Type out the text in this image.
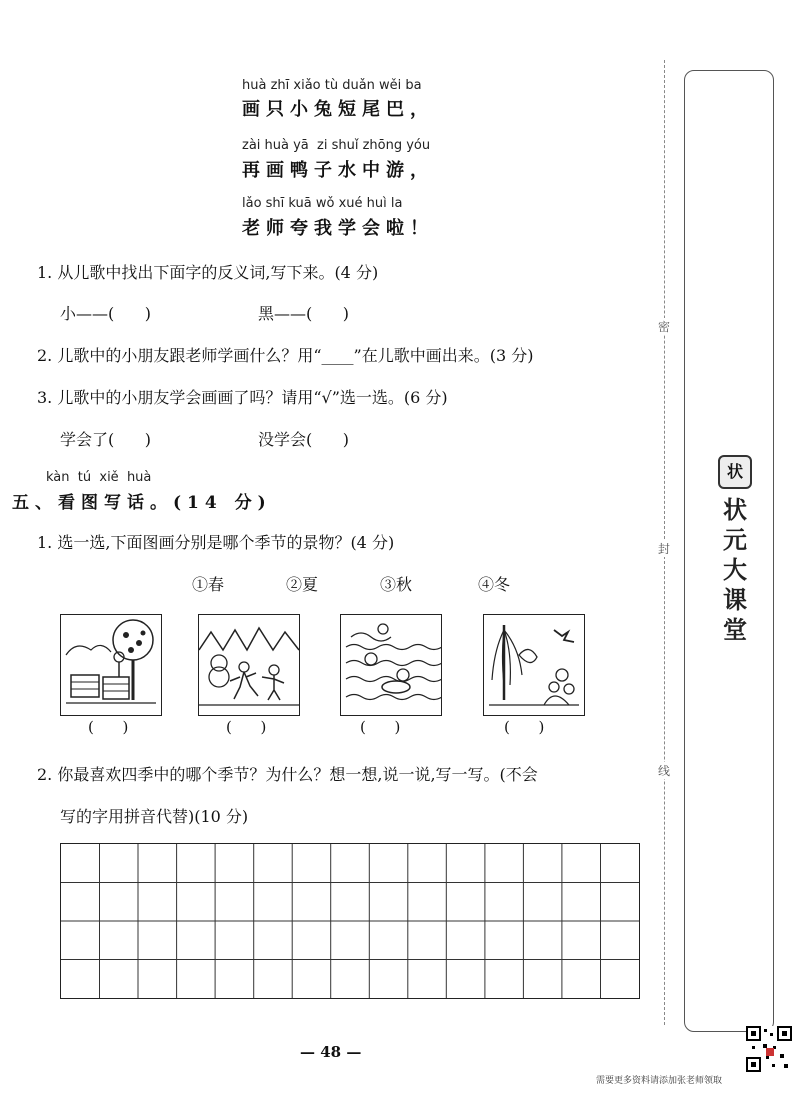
huà zhī xiǎo tù duǎn wěi ba
画只小兔短尾巴，
zài huà yā  zi shuǐ zhōng yóu
再画鸭子水中游，
lǎo shī kuā wǒ xué huì la
老师夸我学会啦！
1. 从儿歌中找出下面字的反义词,写下来。(4 分)
小——(      )	黑——(      )
2. 儿歌中的小朋友跟老师学画什么？用“____”在儿歌中画出来。(3 分)
3. 儿歌中的小朋友学会画画了吗？请用“√”选一选。(6 分)
学会了(      )	没学会(      )
kàn  tú  xiě  huà
五、看图写话。(14 分)
1. 选一选,下面图画分别是哪个季节的景物？(4 分)
①春	②夏	③秋	④冬
(      )	(      )	(      )	(      )
2. 你最喜欢四季中的哪个季节？为什么？想一想,说一说,写一写。(不会
写的字用拼音代替)(10 分)
— 48 —
密
封
线
状
状元大课堂
需要更多资料请添加张老师领取
